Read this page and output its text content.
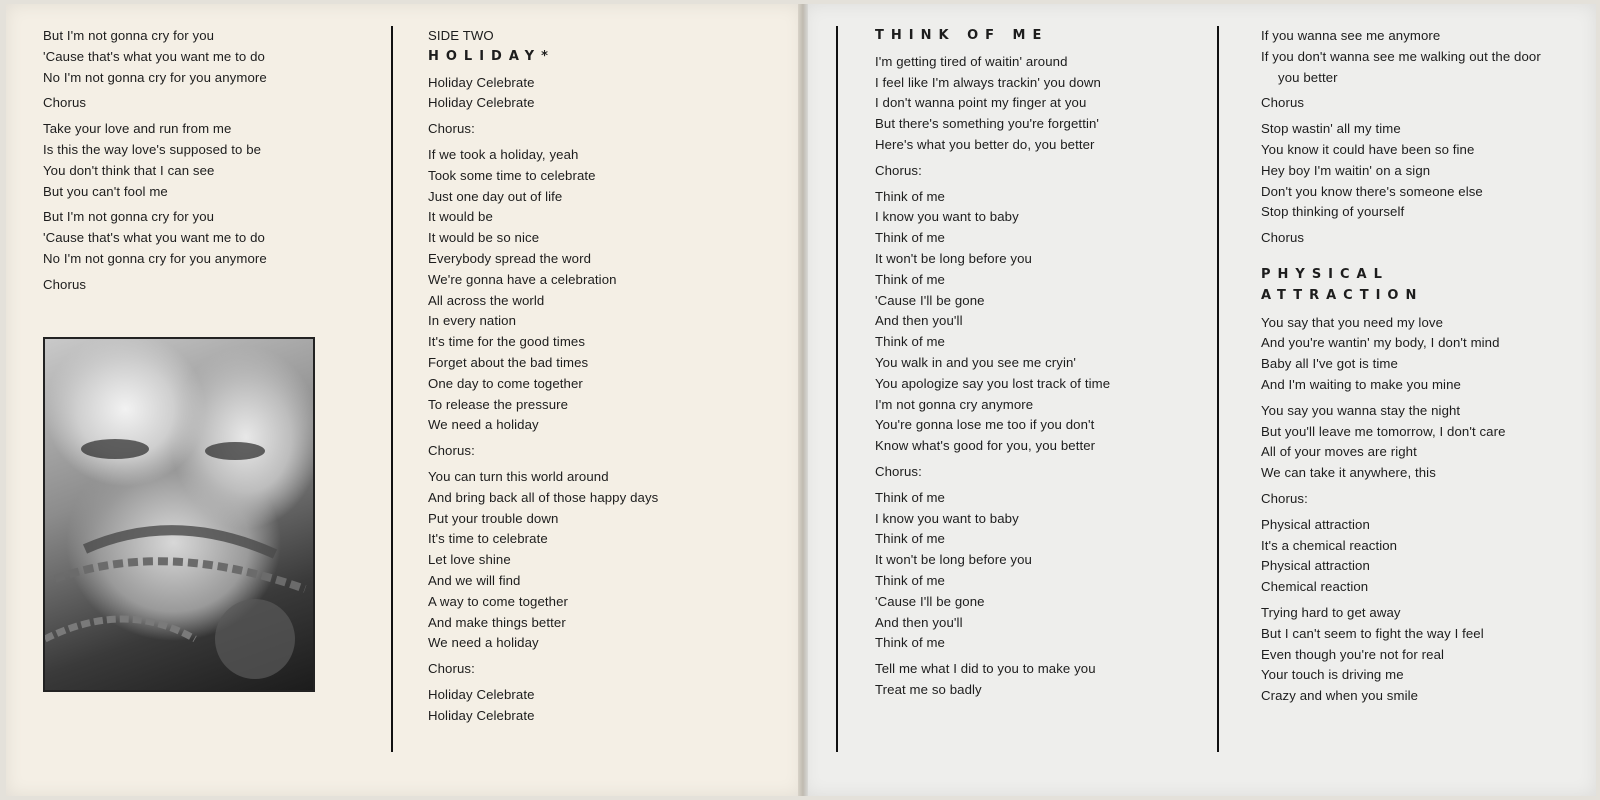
But I'm not gonna cry for you
'Cause that's what you want me to do
No I'm not gonna cry for you anymore
Chorus
Take your love and run from me
Is this the way love's supposed to be
You don't think that I can see
But you can't fool me
But I'm not gonna cry for you
'Cause that's what you want me to do
No I'm not gonna cry for you anymore
Chorus
SIDE TWO
HOLIDAY*
Holiday Celebrate
Holiday Celebrate
Chorus:
If we took a holiday, yeah
Took some time to celebrate
Just one day out of life
It would be
It would be so nice
Everybody spread the word
We're gonna have a celebration
All across the world
In every nation
It's time for the good times
Forget about the bad times
One day to come together
To release the pressure
We need a holiday
Chorus:
You can turn this world around
And bring back all of those happy days
Put your trouble down
It's time to celebrate
Let love shine
And we will find
A way to come together
And make things better
We need a holiday
Chorus:
Holiday Celebrate
Holiday Celebrate
THINK OF ME
I'm getting tired of waitin' around
I feel like I'm always trackin' you down
I don't wanna point my finger at you
But there's something you're forgettin'
Here's what you better do, you better
Chorus:
Think of me
I know you want to baby
Think of me
It won't be long before you
Think of me
'Cause I'll be gone
And then you'll
Think of me
You walk in and you see me cryin'
You apologize say you lost track of time
I'm not gonna cry anymore
You're gonna lose me too if you don't
Know what's good for you, you better
Chorus:
Think of me
I know you want to baby
Think of me
It won't be long before you
Think of me
'Cause I'll be gone
And then you'll
Think of me
Tell me what I did to you to make you
Treat me so badly
If you wanna see me anymore
If you don't wanna see me walking out the door
you better
Chorus
Stop wastin' all my time
You know it could have been so fine
Hey boy I'm waitin' on a sign
Don't you know there's someone else
Stop thinking of yourself
Chorus
PHYSICAL
ATTRACTION
You say that you need my love
And you're wantin' my body, I don't mind
Baby all I've got is time
And I'm waiting to make you mine
You say you wanna stay the night
But you'll leave me tomorrow, I don't care
All of your moves are right
We can take it anywhere, this
Chorus:
Physical attraction
It's a chemical reaction
Physical attraction
Chemical reaction
Trying hard to get away
But I can't seem to fight the way I feel
Even though you're not for real
Your touch is driving me
Crazy and when you smile
